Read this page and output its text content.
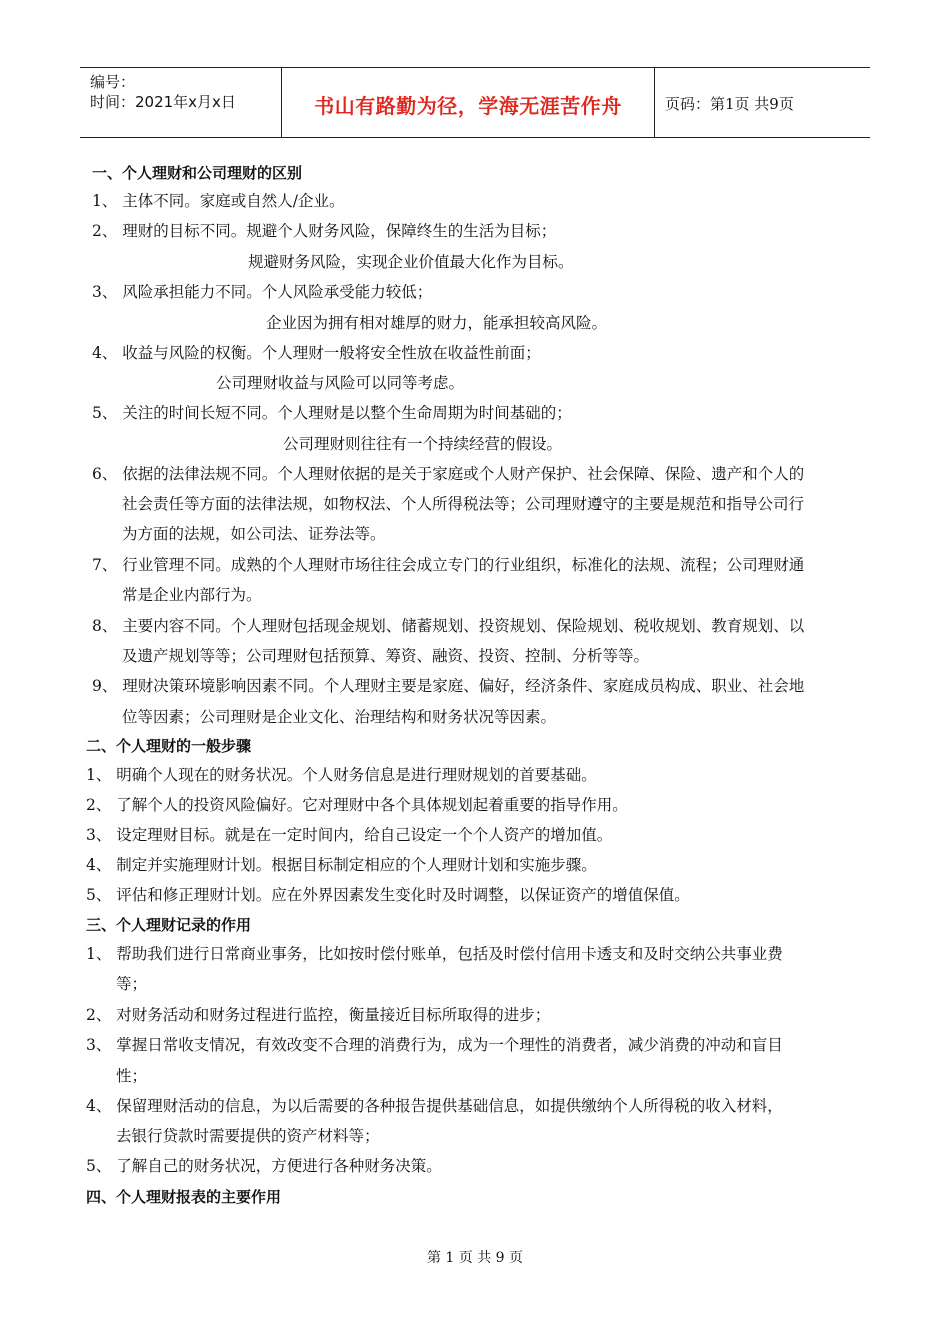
编号：
时间：2021年x月x日	书山有路勤为径，学海无涯苦作舟	页码：第1页 共9页
一、个人理财和公司理财的区别
1、 主体不同。家庭或自然人/企业。
2、 理财的目标不同。规避个人财务风险，保障终生的生活为目标；
规避财务风险，实现企业价值最大化作为目标。
3、 风险承担能力不同。个人风险承受能力较低；
企业因为拥有相对雄厚的财力，能承担较高风险。
4、 收益与风险的权衡。个人理财一般将安全性放在收益性前面；
公司理财收益与风险可以同等考虑。
5、 关注的时间长短不同。个人理财是以整个生命周期为时间基础的；
公司理财则往往有一个持续经营的假设。
6、 依据的法律法规不同。个人理财依据的是关于家庭或个人财产保护、社会保障、保险、遗产和个人的
社会责任等方面的法律法规，如物权法、个人所得税法等；公司理财遵守的主要是规范和指导公司行
为方面的法规，如公司法、证券法等。
7、 行业管理不同。成熟的个人理财市场往往会成立专门的行业组织，标准化的法规、流程；公司理财通
常是企业内部行为。
8、 主要内容不同。个人理财包括现金规划、储蓄规划、投资规划、保险规划、税收规划、教育规划、以
及遗产规划等等；公司理财包括预算、筹资、融资、投资、控制、分析等等。
9、 理财决策环境影响因素不同。个人理财主要是家庭、偏好，经济条件、家庭成员构成、职业、社会地
位等因素；公司理财是企业文化、治理结构和财务状况等因素。
二、个人理财的一般步骤
1、 明确个人现在的财务状况。个人财务信息是进行理财规划的首要基础。
2、 了解个人的投资风险偏好。它对理财中各个具体规划起着重要的指导作用。
3、 设定理财目标。就是在一定时间内，给自己设定一个个人资产的增加值。
4、 制定并实施理财计划。根据目标制定相应的个人理财计划和实施步骤。
5、 评估和修正理财计划。应在外界因素发生变化时及时调整，以保证资产的增值保值。
三、个人理财记录的作用
1、 帮助我们进行日常商业事务，比如按时偿付账单，包括及时偿付信用卡透支和及时交纳公共事业费
等；
2、 对财务活动和财务过程进行监控，衡量接近目标所取得的进步；
3、 掌握日常收支情况，有效改变不合理的消费行为，成为一个理性的消费者，减少消费的冲动和盲目
性；
4、 保留理财活动的信息，为以后需要的各种报告提供基础信息，如提供缴纳个人所得税的收入材料，
去银行贷款时需要提供的资产材料等；
5、 了解自己的财务状况，方便进行各种财务决策。
四、个人理财报表的主要作用
第 1 页 共 9 页
